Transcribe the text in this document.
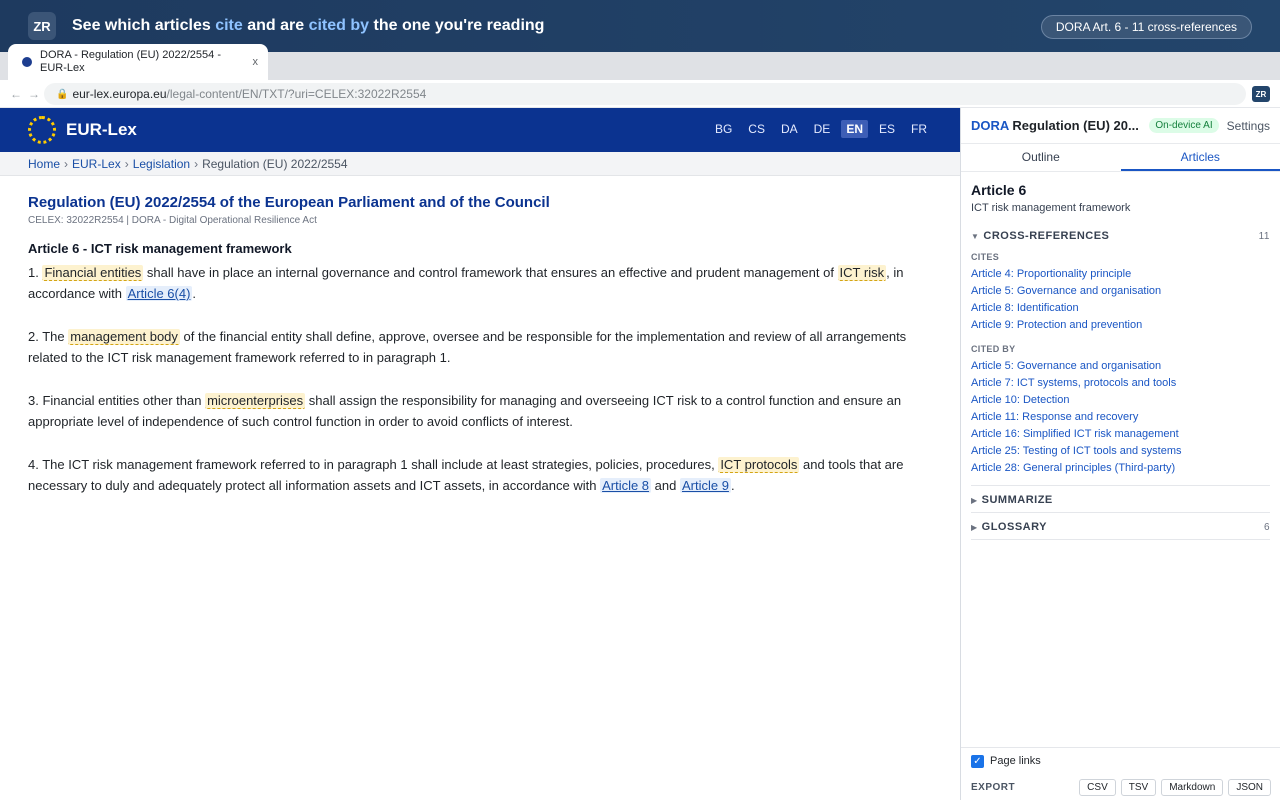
ZR	See which articles cite and are cited by the one you're reading	DORA Art. 6 - 11 cross-references
DORA - Regulation (EU) 2022/2554 - EUR-Lex	x
← → 🔒 eur-lex.europa.eu /legal-content/EN/TXT/?uri=CELEX:32022R2554	ZR
EUR-Lex	BG	CS	DA	DE	EN	ES	FR
Home › EUR-Lex › Legislation › Regulation (EU) 2022/2554
Regulation (EU) 2022/2554 of the European Parliament and of the Council
CELEX: 32022R2554 | DORA - Digital Operational Resilience Act
Article 6 - ICT risk management framework

1. Financial entities shall have in place an internal governance and control framework that ensures an effective and prudent management of ICT risk , in accordance with Article 6(4) .

2. The management body of the financial entity shall define, approve, oversee and be responsible for the implementation and review of all arrangements related to the ICT risk management framework referred to in paragraph 1.

3. Financial entities other than microenterprises shall assign the responsibility for managing and overseeing ICT risk to a control function and ensure an appropriate level of independence of such control function in order to avoid conflicts of interest.

4. The ICT risk management framework referred to in paragraph 1 shall include at least strategies, policies, procedures, ICT protocols and tools that are necessary to duly and adequately protect all information assets and ICT assets, in accordance with Article 8 and Article 9 .

DORA Regulation (EU) 20...	On-device AI	Settings
Outline	Articles
Article 6
ICT risk management framework
▼ CROSS-REFERENCES	11
CITES
Article 4: Proportionality principle
Article 5: Governance and organisation
Article 8: Identification
Article 9: Protection and prevention
CITED BY
Article 5: Governance and organisation
Article 7: ICT systems, protocols and tools
Article 10: Detection
Article 11: Response and recovery
Article 16: Simplified ICT risk management
Article 25: Testing of ICT tools and systems
Article 28: General principles (Third-party)
▶ SUMMARIZE
▶ GLOSSARY	6
✓ Page links
EXPORT	CSV	TSV	Markdown	JSON
